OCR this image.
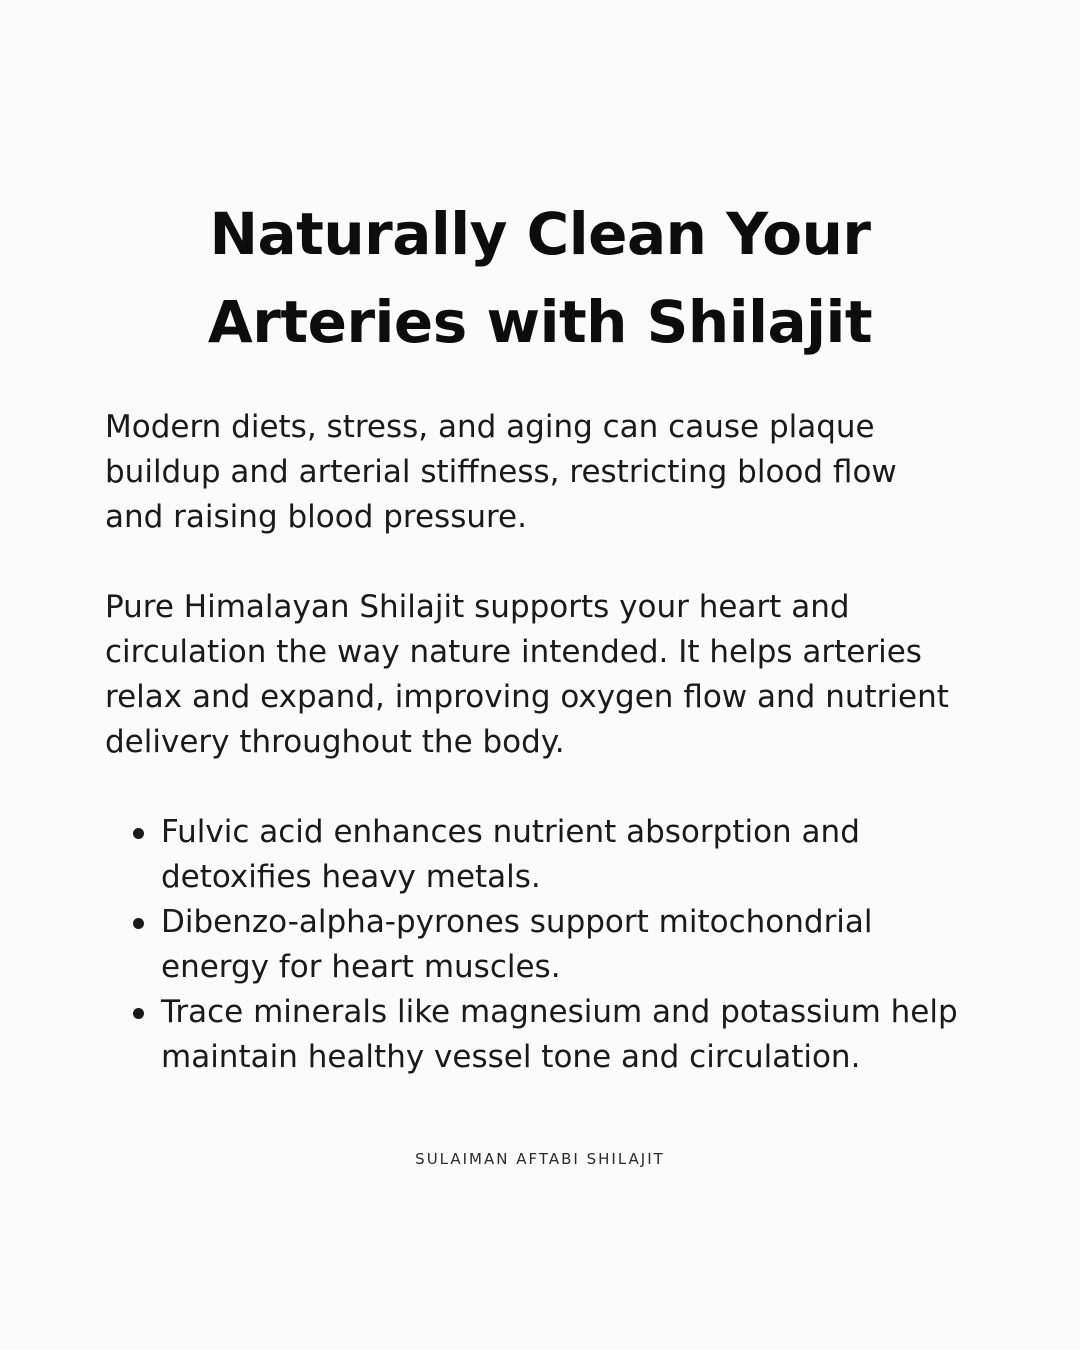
Naturally Clean Your
Arteries with Shilajit

Modern diets, stress, and aging can cause plaque
buildup and arterial stiffness, restricting blood flow
and raising blood pressure.

Pure Himalayan Shilajit supports your heart and
circulation the way nature intended. It helps arteries
relax and expand, improving oxygen flow and nutrient
delivery throughout the body.

Fulvic acid enhances nutrient absorption and
detoxifies heavy metals.
Dibenzo-alpha-pyrones support mitochondrial
energy for heart muscles.
Trace minerals like magnesium and potassium help
maintain healthy vessel tone and circulation.
SULAIMAN AFTABI SHILAJIT
